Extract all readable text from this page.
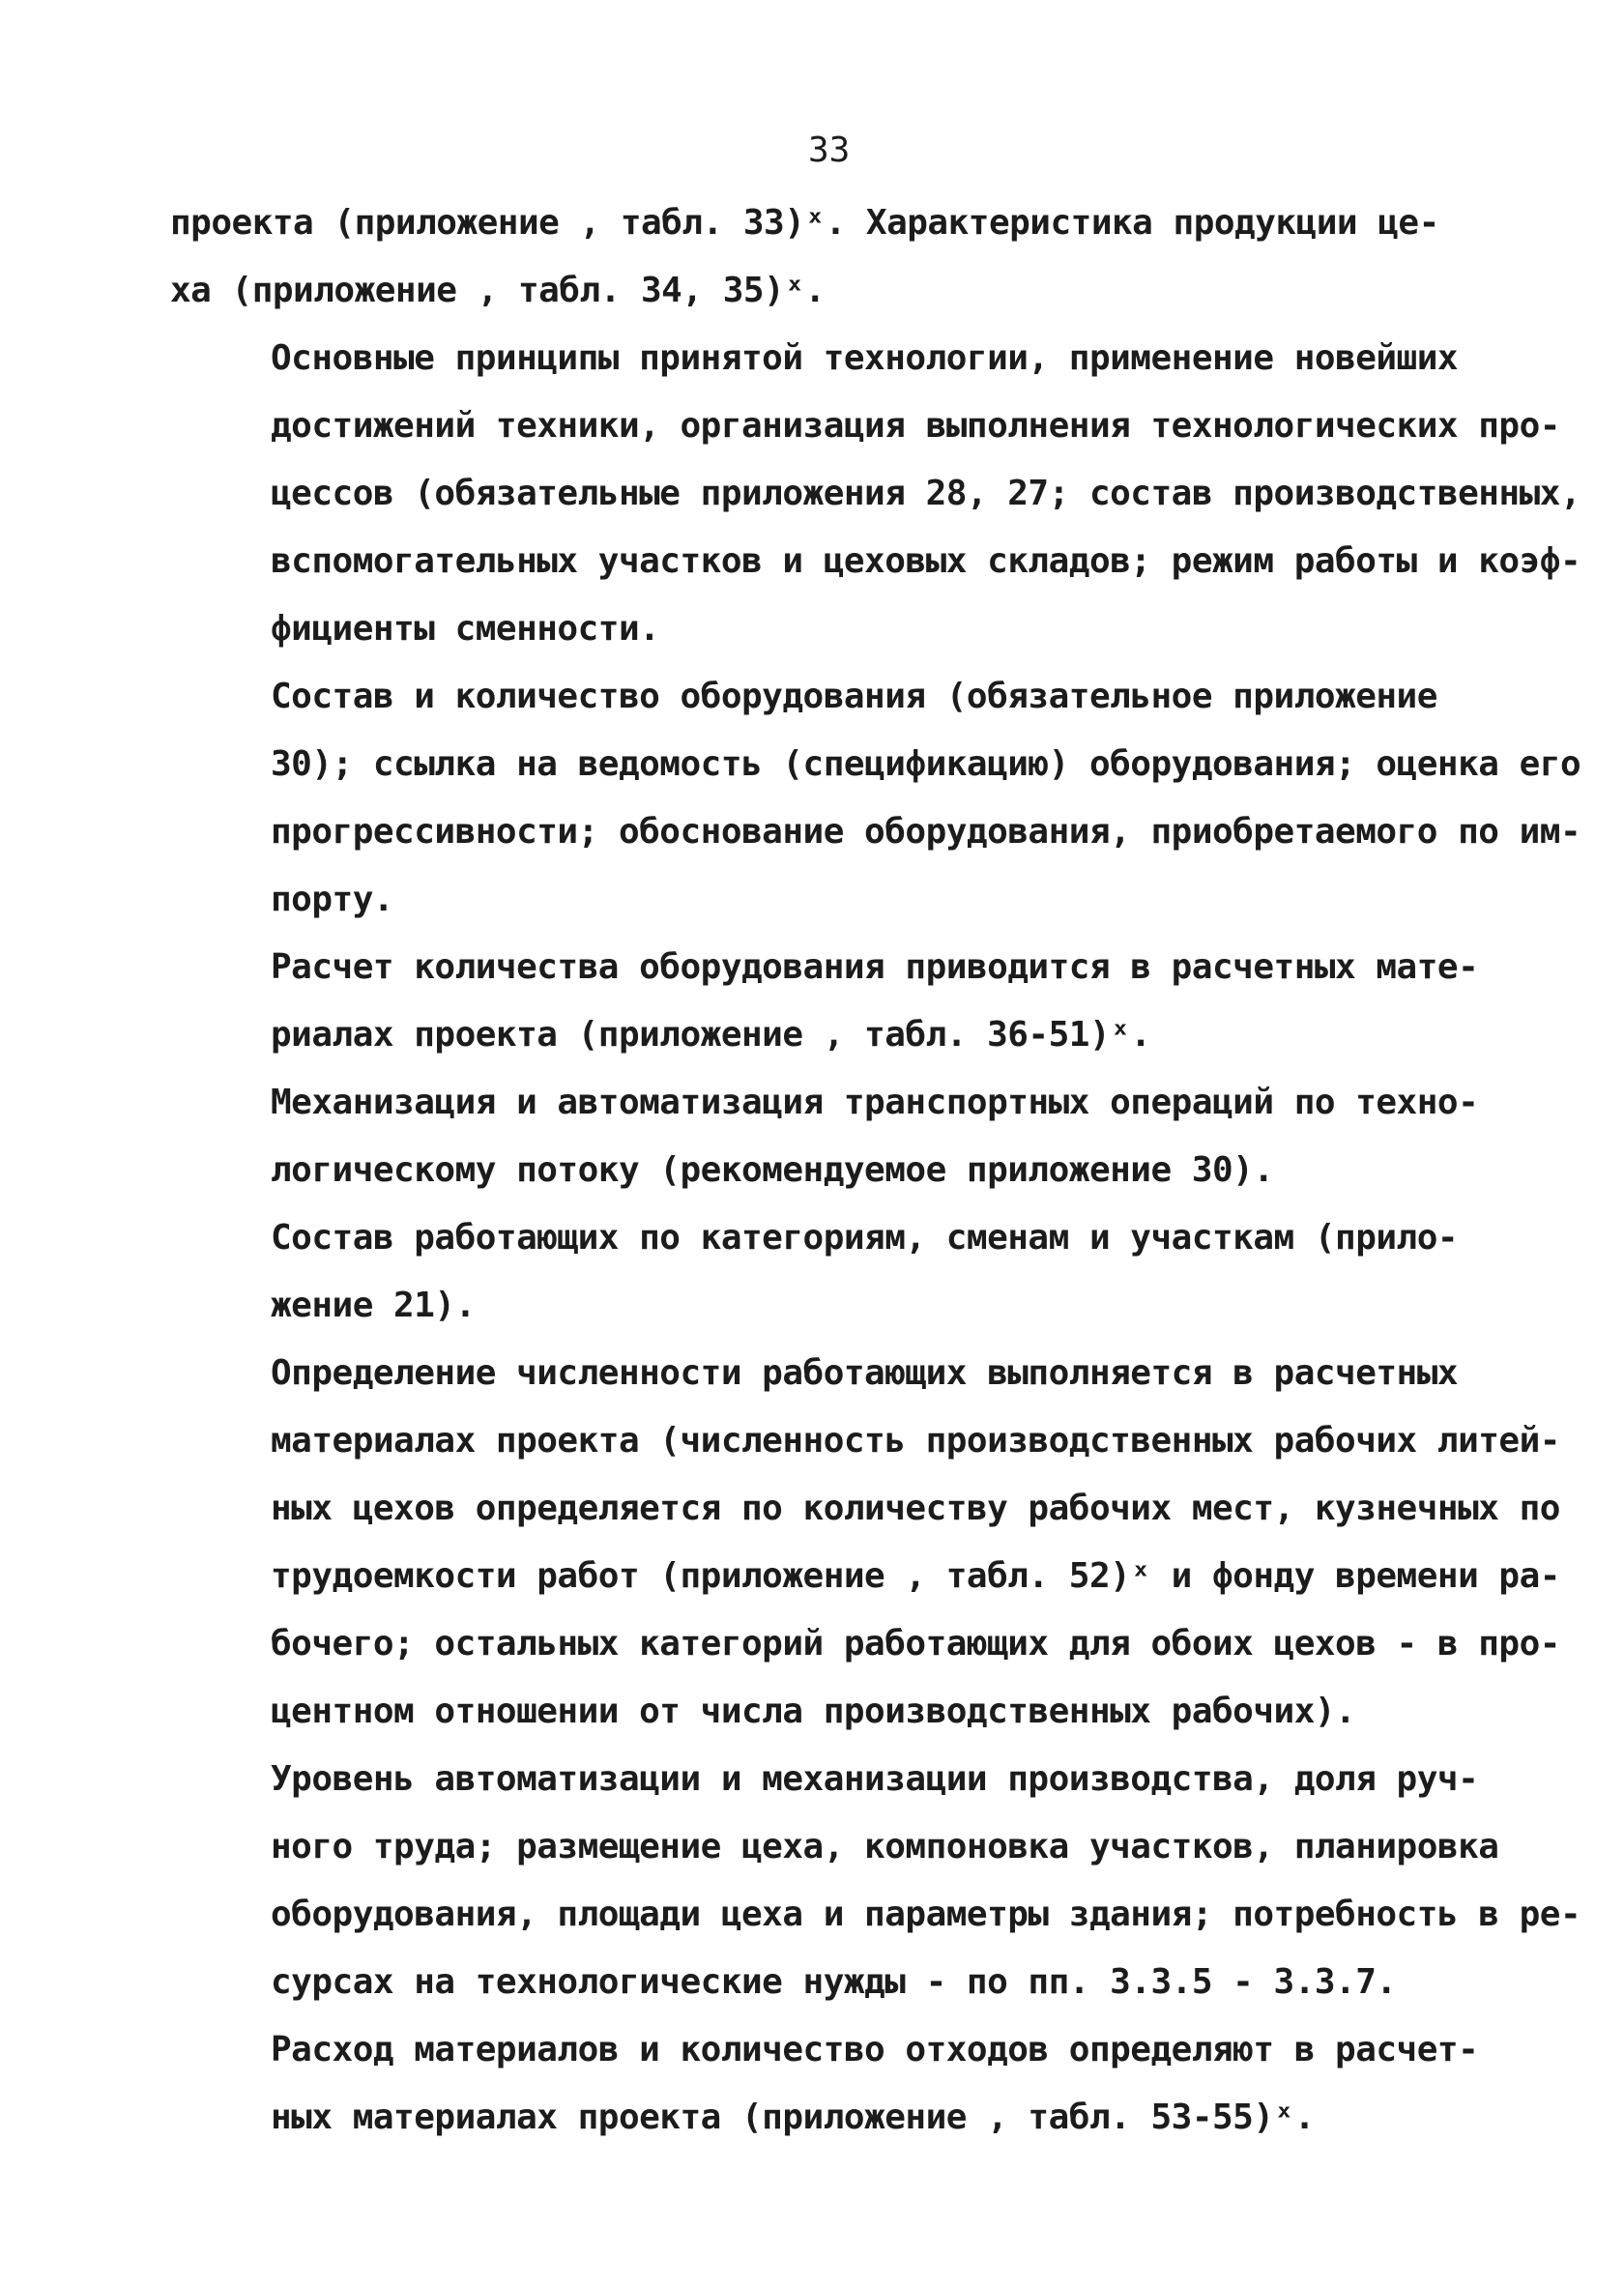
33

проекта (приложение , табл. 33)ˣ. Характеристика продукции це-
ха (приложение , табл. 34, 35)ˣ.

Основные принципы принятой технологии, применение новейших
достижений техники, организация выполнения технологических про-
цессов (обязательные приложения 28, 27; состав производственных,
вспомогательных участков и цеховых складов; режим работы и коэф-
фициенты сменности.

Состав и количество оборудования (обязательное приложение
30); ссылка на ведомость (спецификацию) оборудования; оценка его
прогрессивности; обоснование оборудования, приобретаемого по им-
порту.

Расчет количества оборудования приводится в расчетных мате-
риалах проекта (приложение , табл. 36-51)ˣ.

Механизация и автоматизация транспортных операций по техно-
логическому потоку (рекомендуемое приложение 30).

Состав работающих по категориям, сменам и участкам (прило-
жение 21).

Определение численности работающих выполняется в расчетных
материалах проекта (численность производственных рабочих литей-
ных цехов определяется по количеству рабочих мест, кузнечных по
трудоемкости работ (приложение , табл. 52)ˣ и фонду времени ра-
бочего; остальных категорий работающих для обоих цехов - в про-
центном отношении от числа производственных рабочих).

Уровень автоматизации и механизации производства, доля руч-
ного труда; размещение цеха, компоновка участков, планировка
оборудования, площади цеха и параметры здания; потребность в ре-
сурсах на технологические нужды - по пп. 3.3.5 - 3.3.7.

Расход материалов и количество отходов определяют в расчет-
ных материалах проекта (приложение , табл. 53-55)ˣ.
